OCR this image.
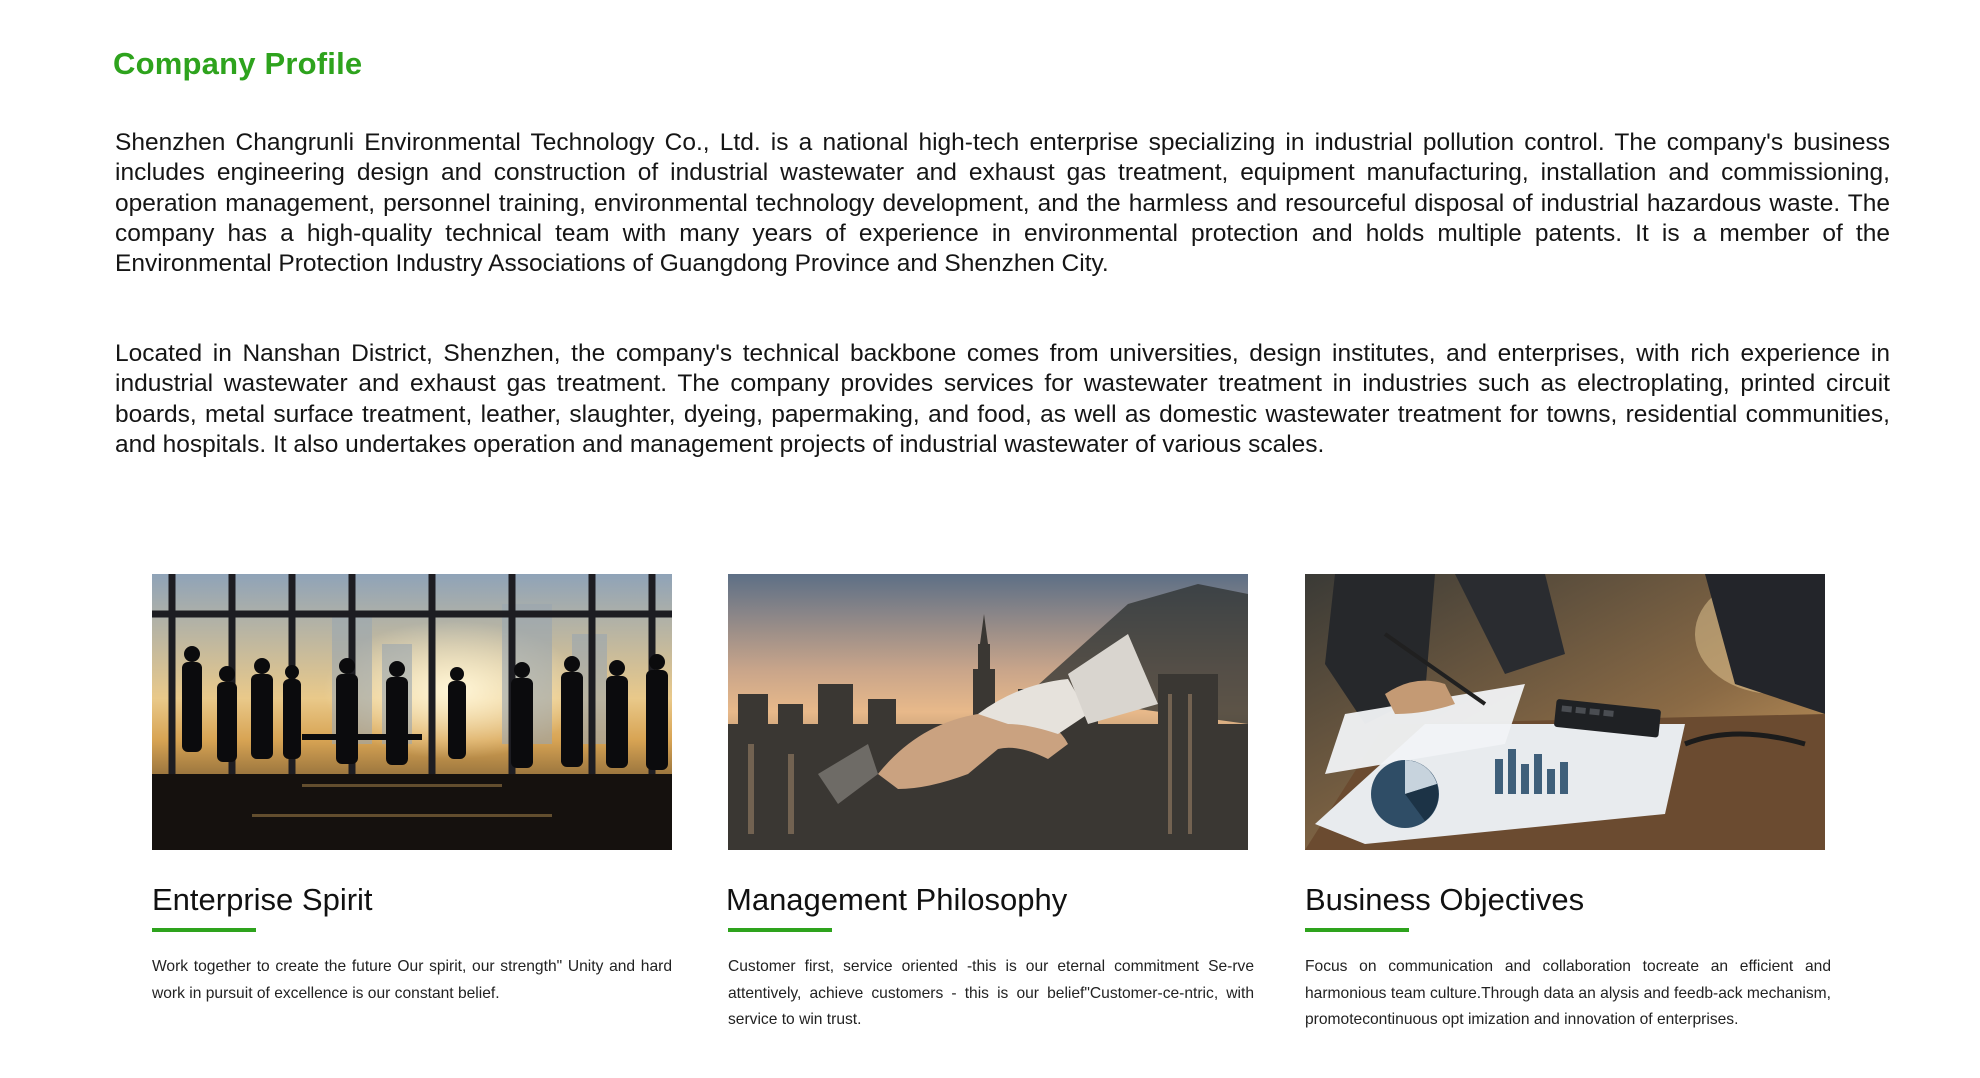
Company Profile

Shenzhen Changrunli Environmental Technology Co., Ltd. is a national high-tech enterprise specializing in industrial pollution control. The company's business includes engineering design and construction of industrial wastewater and exhaust gas treatment, equipment manufacturing, installation and commissioning, operation management, personnel training, environmental technology development, and the harmless and resourceful disposal of industrial hazardous waste. The company has a high-quality technical team with many years of experience in environmental protection and holds multiple patents. It is a member of the Environmental Protection Industry Associations of Guangdong Province and Shenzhen City.

Located in Nanshan District, Shenzhen, the company's technical backbone comes from universities, design institutes, and enterprises, with rich experience in industrial wastewater and exhaust gas treatment. The company provides services for wastewater treatment in industries such as electroplating, printed circuit boards, metal surface treatment, leather, slaughter, dyeing, papermaking, and food, as well as domestic wastewater treatment for towns, residential communities, and hospitals. It also undertakes operation and management projects of industrial wastewater of various scales.

Enterprise Spirit
Work together to create the future Our spirit, our strength" Unity and hard work in pursuit of excellence is our constant belief.
Management Philosophy
Customer first, service oriented -this is our eternal commitment Se-rve attentively, achieve customers - this is our belief"Customer-ce-ntric, with service to win trust.
Business Objectives
Focus on communication and collaboration tocreate an efficient and harmonious team culture.Through data an alysis and feedb-ack mechanism, promotecontinuous opt imization and innovation of enterprises.
